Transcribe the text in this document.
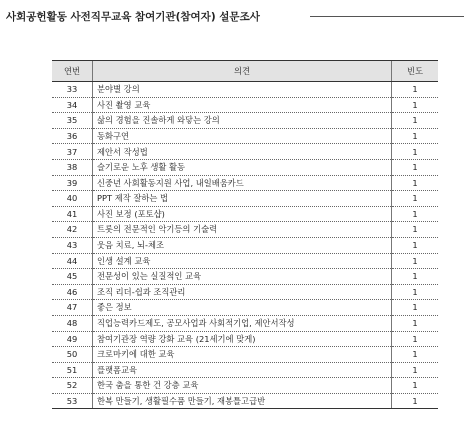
사회공헌활동 사전직무교육 참여기관(참여자) 설문조사
연번	의견	빈도
33	분야별 강의	1
34	사진 촬영 교육	1
35	삶의 경험을 진솔하게 와닿는 강의	1
36	동화구연	1
37	제안서 작성법	1
38	슬기로운 노후 생활 활동	1
39	신중년 사회활동지원 사업, 내일배움카드	1
40	PPT 제작 잘하는 법	1
41	사진 보정 (포토샵)	1
42	트롯의 전문적인 악기등의 기술력	1
43	웃음 치료, 뇌-체조	1
44	인생 설계 교육	1
45	전문성이 있는 실질적인 교육	1
46	조직 리더-쉽과 조직관리	1
47	좋은 정보	1
48	직업능력카드제도, 공모사업과 사회적기업, 제안서작성	1
49	참여기관장 역량 강화 교육 (21세기에 맞게)	1
50	크로마키에 대한 교육	1
51	플랫폼교육	1
52	한국 춤을 통한 건 강층 교육	1
53	한복 만들기, 생활필수품 만들기, 재봉틀고급반	1
